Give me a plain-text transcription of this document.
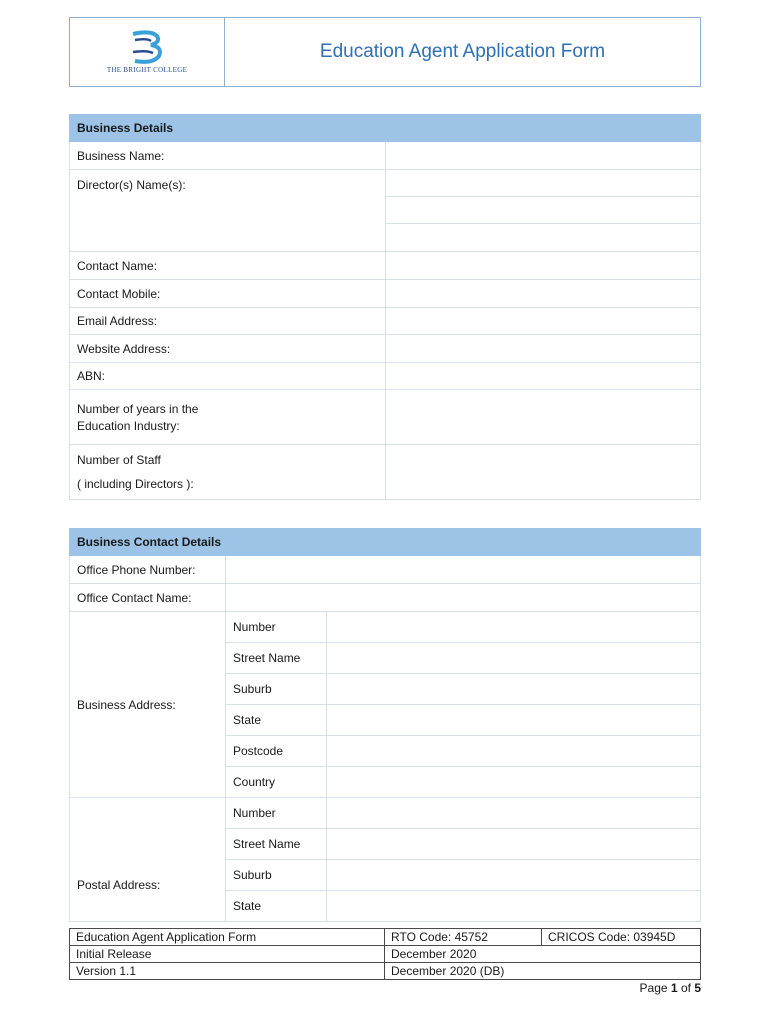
THE BRIGHT COLLEGE
	Education Agent Application Form
Business Details	
Business Name:	
Director(s) Name(s):	

Contact Name:	
Contact Mobile:	
Email Address:	
Website Address:	
ABN:	

Number of years in the
Education Industry:	

Number of Staff
( including Directors ):	

Business Contact Details		
Office Phone Number:		
Office Contact Name:		
Business Address:	Number	
	Street Name	
	Suburb	
	State	
	Postcode	
	Country	
Postal Address:	Number	
	Street Name	
	Suburb	
	State	
Education Agent Application Form	RTO Code: 45752	CRICOS Code: 03945D
Initial Release	December 2020	
Version 1.1	December 2020 (DB)	
Page 1 of 5
